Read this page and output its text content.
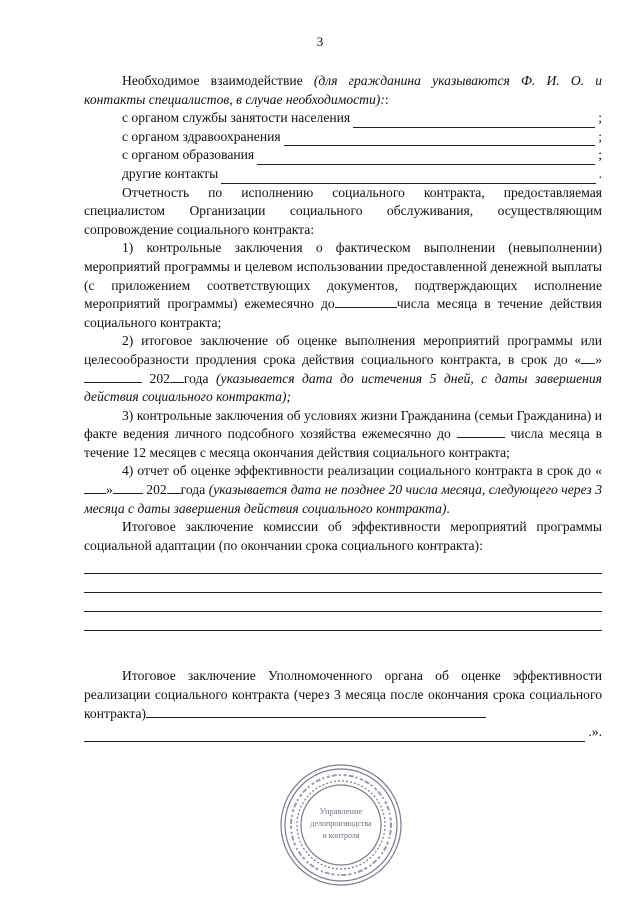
3

Необходимое взаимодействие (для гражданина указываются Ф. И. О. и контакты специалистов, в случае необходимости)::

с органом службы занятости населения	;
с органом здравоохранения	;
с органом образования	;
другие контакты	.

Отчетность по исполнению социального контракта, предоставляемая специалистом Организации социального обслуживания, осуществляющим сопровождение социального контракта:

1) контрольные заключения о фактическом выполнении (невыполнении) мероприятий программы и целевом использовании предоставленной денежной выплаты (с приложением соответствующих документов, подтверждающих исполнение мероприятий программы) ежемесячно до	числа месяца в течение действия социального контракта;

2) итоговое заключение об оценке выполнения мероприятий программы или целесообразности продления срока действия социального контракта, в срок до « »  202 года (указывается дата до истечения 5 дней, с даты завершения действия социального контракта);

3) контрольные заключения об условиях жизни Гражданина (семьи Гражданина) и факте ведения личного подсобного хозяйства ежемесячно до	числа месяца в течение 12 месяцев с месяца окончания действия социального контракта;

4) отчет об оценке эффективности реализации социального контракта в срок до «» 202 года (указывается дата не позднее 20 числа месяца, следующего через 3 месяца с даты завершения действия социального контракта).

Итоговое заключение комиссии об эффективности мероприятий программы социальной адаптации (по окончании срока социального контракта):

Итоговое заключение Уполномоченного органа об оценке эффективности реализации социального контракта (через 3 месяца после окончания срока социального контракта)

.».
Управление
делопроизводства
и контроля
